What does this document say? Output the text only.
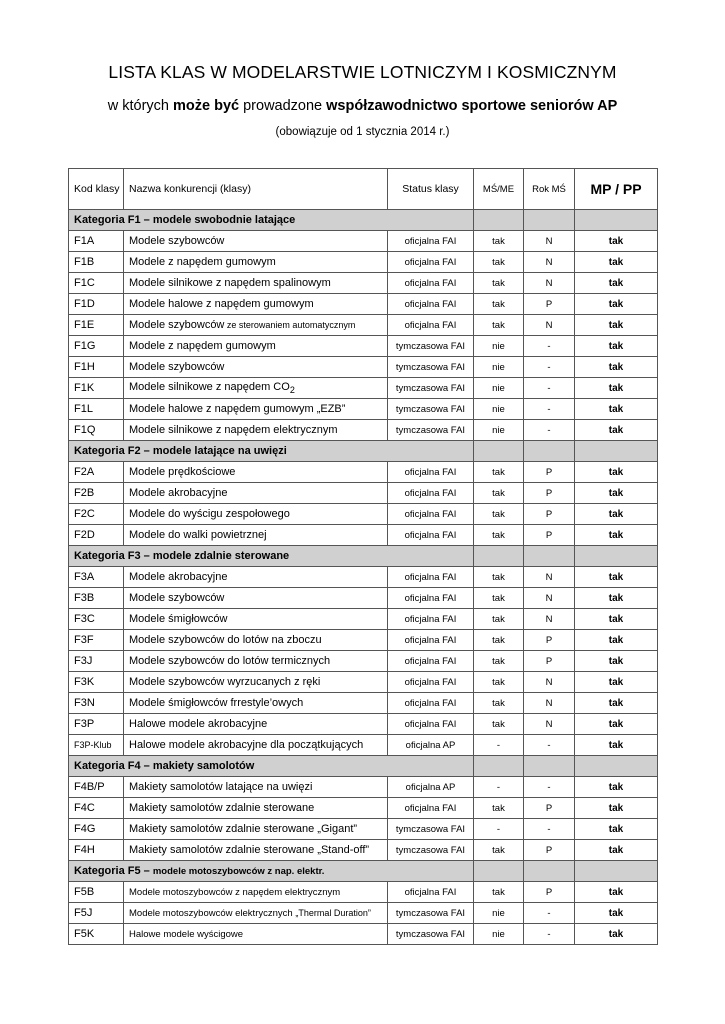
LISTA KLAS W MODELARSTWIE LOTNICZYM I KOSMICZNYM
w których może być prowadzone współzawodnictwo sportowe seniorów AP
(obowiązuje od 1 stycznia 2014 r.)
Kod klasy	Nazwa konkurencji (klasy)	Status klasy	MŚ/ME	Rok MŚ	MP / PP
Kategoria F1 – modele swobodnie latające					
F1A	Modele szybowców	oficjalna FAI	tak	N	tak
F1B	Modele z napędem gumowym	oficjalna FAI	tak	N	tak
F1C	Modele silnikowe z napędem spalinowym	oficjalna FAI	tak	N	tak
F1D	Modele halowe z napędem gumowym	oficjalna FAI	tak	P	tak
F1E	Modele szybowców ze sterowaniem automatycznym	oficjalna FAI	tak	N	tak
F1G	Modele z napędem gumowym	tymczasowa FAI	nie	-	tak
F1H	Modele szybowców	tymczasowa FAI	nie	-	tak
F1K	Modele silnikowe z napędem $CO_2$	tymczasowa FAI	nie	-	tak
F1L	Modele halowe z napędem gumowym „EZB”	tymczasowa FAI	nie	-	tak
F1Q	Modele silnikowe z napędem elektrycznym	tymczasowa FAI	nie	-	tak
Kategoria F2 – modele latające na uwięzi					
F2A	Modele prędkościowe	oficjalna FAI	tak	P	tak
F2B	Modele akrobacyjne	oficjalna FAI	tak	P	tak
F2C	Modele do wyścigu zespołowego	oficjalna FAI	tak	P	tak
F2D	Modele do walki powietrznej	oficjalna FAI	tak	P	tak
Kategoria F3 – modele zdalnie sterowane					
F3A	Modele akrobacyjne	oficjalna FAI	tak	N	tak
F3B	Modele szybowców	oficjalna FAI	tak	N	tak
F3C	Modele śmigłowców	oficjalna FAI	tak	N	tak
F3F	Modele szybowców do lotów na zboczu	oficjalna FAI	tak	P	tak
F3J	Modele szybowców do lotów termicznych	oficjalna FAI	tak	P	tak
F3K	Modele szybowców wyrzucanych z ręki	oficjalna FAI	tak	N	tak
F3N	Modele śmigłowców frrestyle’owych	oficjalna FAI	tak	N	tak
F3P	Halowe modele akrobacyjne	oficjalna FAI	tak	N	tak
F3P-Klub	Halowe modele akrobacyjne dla początkujących	oficjalna AP	-	-	tak
Kategoria F4 – makiety samolotów					
F4B/P	Makiety samolotów latające na uwięzi	oficjalna AP	-	-	tak
F4C	Makiety samolotów zdalnie sterowane	oficjalna FAI	tak	P	tak
F4G	Makiety samolotów zdalnie sterowane „Gigant”	tymczasowa FAI	-	-	tak
F4H	Makiety samolotów zdalnie sterowane „Stand-off”	tymczasowa FAI	tak	P	tak
Kategoria F5 – modele motoszybowców z nap. elektr.					
F5B	Modele motoszybowców z napędem elektrycznym	oficjalna FAI	tak	P	tak
F5J	Modele motoszybowców elektrycznych „Thermal Duration”	tymczasowa FAI	nie	-	tak
F5K	Halowe modele wyścigowe	tymczasowa FAI	nie	-	tak
